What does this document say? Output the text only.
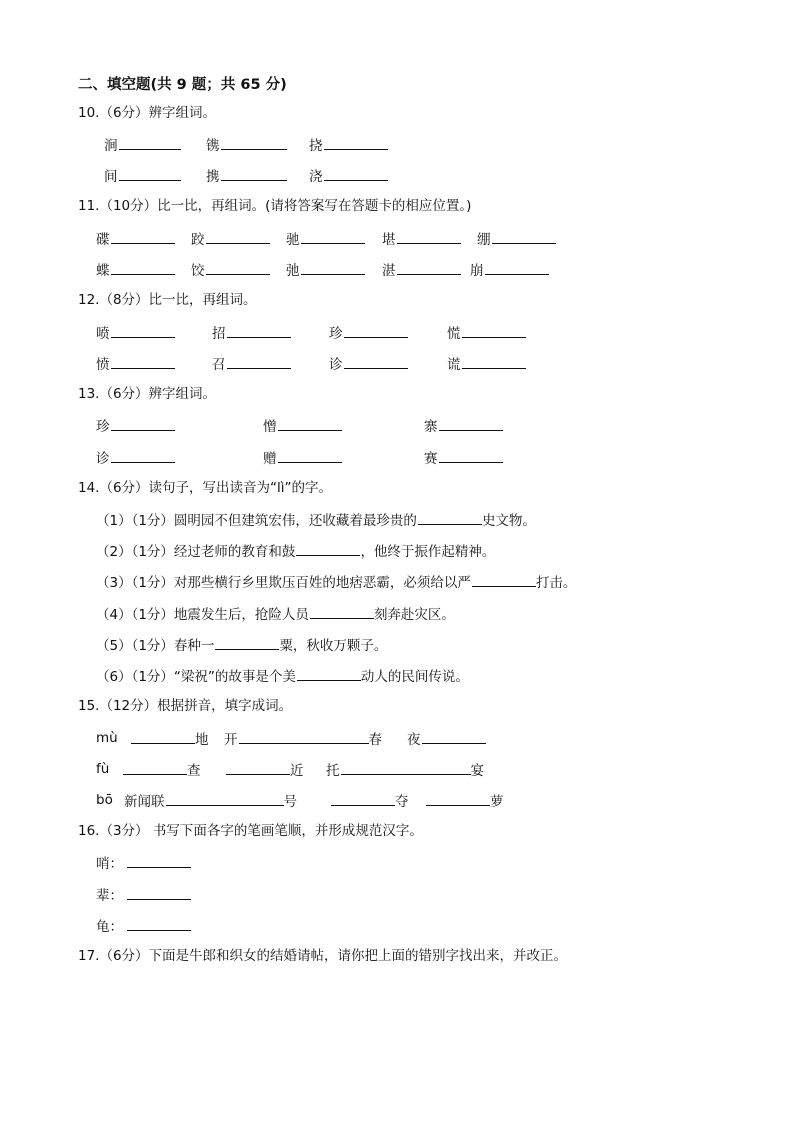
二、填空题(共 9 题；共 65 分)
10.（6分）辨字组词。
涧	镌	挠
间	携	浇
11.（10分）比一比，再组词。(请将答案写在答题卡的相应位置。)
碟	跤	驰	堪	绷
蝶	饺	弛	湛	崩
12.（8分）比一比，再组词。
喷	招	珍	慌
愤	召	诊	谎
13.（6分）辨字组词。
珍	憎	寨
诊	赠	赛
14.（6分）读句子，写出读音为“lì”的字。
（1）（1分）圆明园不但建筑宏伟，还收藏着最珍贵的	史文物。
（2）（1分）经过老师的教育和鼓	，他终于振作起精神。
（3）（1分）对那些横行乡里欺压百姓的地痞恶霸，必须给以严	打击。
（4）（1分）地震发生后，抢险人员	刻奔赴灾区。
（5）（1分）春种一	粟，秋收万颗子。
（6）（1分）“梁祝”的故事是个美	动人的民间传说。
15.（12分）根据拼音，填字成词。
mù	地 开	春 夜
fù	查	近 托	宴
bō 新闻联	号	夺	萝
16.（3分） 书写下面各字的笔画笔顺，并形成规范汉字。
哨：
辈：
龟：
17.（6分）下面是牛郎和织女的结婚请帖，请你把上面的错别字找出来，并改正。
